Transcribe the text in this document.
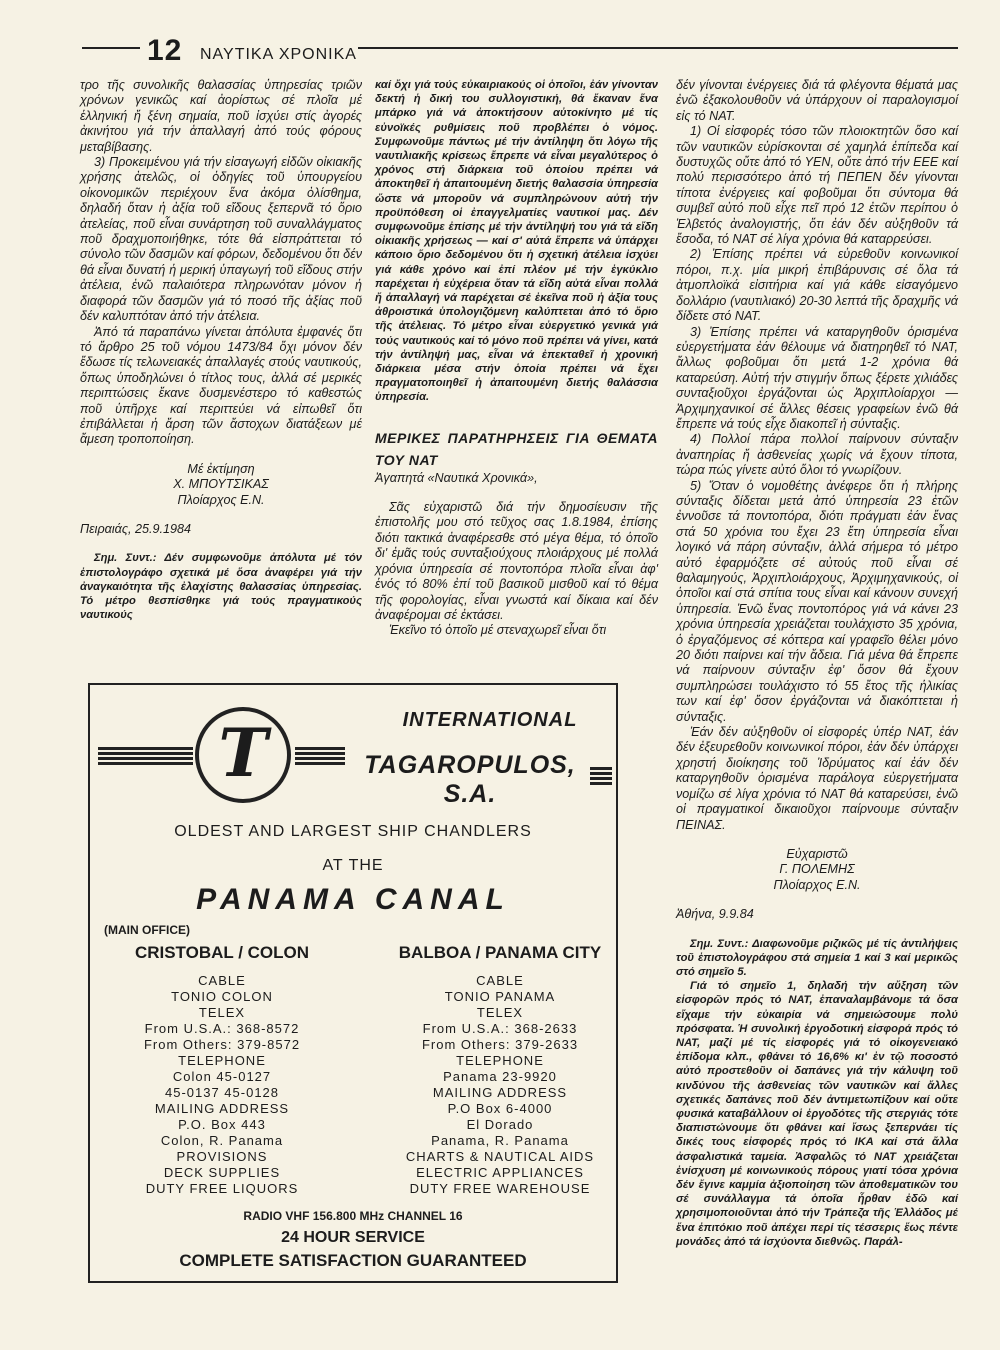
12 ΝΑΥΤΙΚΑ ΧΡΟΝΙΚΑ

τρο τῆς συνολικῆς θαλασσίας ὑπηρεσίας τριῶν χρόνων γενικῶς καί ἀορίστως σέ πλοῖα μέ ἑλληνική ἤ ξένη σημαία, ποῦ ἰσχύει στίς ἀγορές ἀκινήτου γιά τήν ἀπαλλαγή ἀπό τούς φόρους μεταβίβασης.

3) Προκειμένου γιά τήν εἰσαγωγή εἰδῶν οἰκιακῆς χρήσης ἀτελῶς, οἱ ὁδηγίες τοῦ ὑπουργείου οἰκονομικῶν περιέχουν ἕνα ἀκόμα ὀλίσθημα, δηλαδή ὅταν ἡ ἀξία τοῦ εἴδους ξεπερνᾶ τό ὅριο ἀτελείας, ποῦ εἶναι συνάρτηση τοῦ συναλλάγματος ποῦ δραχμοποιήθηκε, τότε θά εἰσπράττεται τό σύνολο τῶν δασμῶν καί φόρων, δεδομένου ὅτι δέν θά εἶναι δυνατή ἡ μερική ὑπαγωγή τοῦ εἴδους στήν ἀτέλεια, ἐνῶ παλαιότερα πληρωνόταν μόνον ἡ διαφορά τῶν δασμῶν γιά τό ποσό τῆς ἀξίας ποῦ δέν καλυπτόταν ἀπό τήν ἀτέλεια.

Ἀπό τά παραπάνω γίνεται ἀπόλυτα ἐμφανές ὅτι τό ἄρθρο 25 τοῦ νόμου 1473/84 ὄχι μόνον δέν ἔδωσε τίς τελωνειακές ἀπαλλαγές στούς ναυτικούς, ὅπως ὑποδηλώνει ὁ τίτλος τους, ἀλλά σέ μερικές περιπτώσεις ἔκανε δυσμενέστερο τό καθεστώς ποῦ ὑπῆρχε καί περιττεύει νά εἰπωθεῖ ὅτι ἐπιβάλλεται ἡ ἄρση τῶν ἄστοχων διατάξεων μέ ἄμεση τροποποίηση.

Μέ ἐκτίμηση

Χ. ΜΠΟΥΤΣΙΚΑΣ

Πλοίαρχος Ε.Ν.

Πειραιάς, 25.9.1984

Σημ. Συντ.: Δέν συμφωνοῦμε ἀπόλυτα μέ τόν ἐπιστολογράφο σχετικά μέ ὅσα ἀναφέρει γιά τήν ἀναγκαιότητα τῆς ἐλαχίστης θαλασσίας ὑπηρεσίας. Τό μέτρο θεσπίσθηκε γιά τούς πραγματικούς ναυτικούς

καί ὄχι γιά τούς εὐκαιριακούς οἱ ὁποῖοι, ἐάν γίνονταν δεκτή ἡ δική του συλλογιστική, θά ἔκαναν ἕνα μπάρκο γιά νά ἀποκτήσουν αὐτοκίνητο μέ τίς εὐνοϊκές ρυθμίσεις ποῦ προβλέπει ὁ νόμος. Συμφωνοῦμε πάντως μέ τήν ἀντίληψη ὅτι λόγω τῆς ναυτιλιακῆς κρίσεως ἔπρεπε νά εἶναι μεγαλύτερος ὁ χρόνος στή διάρκεια τοῦ ὁποίου πρέπει νά ἀποκτηθεῖ ἡ ἀπαιτουμένη διετής θαλασσία ὑπηρεσία ὥστε νά μποροῦν νά συμπληρώνουν αὐτή τήν προϋπόθεση οἱ ἐπαγγελματίες ναυτικοί μας. Δέν συμφωνοῦμε ἐπίσης μέ τήν ἀντίληψή του γιά τά εἴδη οἰκιακῆς χρήσεως — καί σ' αὐτά ἔπρεπε νά ὑπάρχει κάποιο ὅριο δεδομένου ὅτι ἡ σχετική ἀτέλεια ἰσχύει γιά κάθε χρόνο καί ἐπί πλέον μέ τήν ἐγκύκλιο παρέχεται ἡ εὐχέρεια ὅταν τά εἴδη αὐτά εἶναι πολλά ἤ ἀπαλλαγή νά παρέχεται σέ ἐκεῖνα ποῦ ἡ ἀξία τους ἀθροιστικά ὑπολογιζόμενη καλύπτεται ἀπό τό ὅριο τῆς ἀτέλειας. Τό μέτρο εἶναι εὐεργετικό γενικά γιά τούς ναυτικούς καί τό μόνο ποῦ πρέπει νά γίνει, κατά τήν ἀντίληψή μας, εἶναι νά ἐπεκταθεῖ ἡ χρονική διάρκεια μέσα στήν ὁποία πρέπει νά ἔχει πραγματοποιηθεῖ ἡ ἀπαιτουμένη διετής θαλάσσια ὑπηρεσία.

ΜΕΡΙΚΕΣ ΠΑΡΑΤΗΡΗΣΕΙΣ ΓΙΑ ΘΕΜΑΤΑ ΤΟΥ ΝΑΤ

Ἀγαπητά «Ναυτικά Χρονικά»,

Σᾶς εὐχαριστῶ διά τήν δημοσίευσιν τῆς ἐπιστολῆς μου στό τεῦχος σας 1.8.1984, ἐπίσης διότι τακτικά ἀναφέρεσθε στό μέγα θέμα, τό ὁποῖο δι' ἐμᾶς τούς συνταξιούχους πλοιάρχους μέ πολλά χρόνια ὑπηρεσία σέ ποντοπόρα πλοῖα εἶναι ἀφ' ἑνός τό 80% ἐπί τοῦ βασικοῦ μισθοῦ καί τό θέμα τῆς φορολογίας, εἶναι γνωστά καί δίκαια καί δέν ἀναφέρομαι σέ ἐκτάσει.

Ἐκεῖνο τό ὁποῖο μέ στεναχωρεῖ εἶναι ὅτι

δέν γίνονται ἐνέργειες διά τά φλέγοντα θέματά μας ἐνῶ ἐξακολουθοῦν νά ὑπάρχουν οἱ παραλογισμοί εἰς τό ΝΑΤ.

1) Οἱ εἰσφορές τόσο τῶν πλοιοκτητῶν ὅσο καί τῶν ναυτικῶν εὑρίσκονται σέ χαμηλά ἐπίπεδα καί δυστυχῶς οὔτε ἀπό τό ΥΕΝ, οὔτε ἀπό τήν ΕΕΕ καί πολύ περισσότερο ἀπό τή ΠΕΠΕΝ δέν γίνονται τίποτα ἐνέργειες καί φοβοῦμαι ὅτι σύντομα θά συμβεῖ αὐτό ποῦ εἶχε πεῖ πρό 12 ἐτῶν περίπου ὁ Ἐλβετός ἀναλογιστής, ὅτι ἐάν δέν αὐξηθοῦν τά ἔσοδα, τό ΝΑΤ σέ λίγα χρόνια θά καταρρεύσει.

2) Ἐπίσης πρέπει νά εὑρεθοῦν κοινωνικοί πόροι, π.χ. μία μικρή ἐπιβάρυνσις σέ ὅλα τά ἀτμοπλοϊκά εἰσιτήρια καί γιά κάθε εἰσαγόμενο δολλάριο (ναυτιλιακό) 20-30 λεπτά τῆς δραχμῆς νά δίδετε στό ΝΑΤ.

3) Ἐπίσης πρέπει νά καταργηθοῦν ὁρισμένα εὐεργετήματα ἐάν θέλουμε νά διατηρηθεῖ τό ΝΑΤ, ἄλλως φοβοῦμαι ὅτι μετά 1-2 χρόνια θά καταρεύση. Αὐτή τήν στιγμήν ὅπως ξέρετε χιλιάδες συνταξιοῦχοι ἐργάζονται ὡς Ἀρχιπλοίαρχοι — Ἀρχιμηχανικοί σέ ἄλλες θέσεις γραφείων ἐνῶ θά ἔπρεπε νά τούς εἶχε διακοπεῖ ἡ σύνταξις.

4) Πολλοί πάρα πολλοί παίρνουν σύνταξιν ἀναπηρίας ἤ ἀσθενείας χωρίς νά ἔχουν τίποτα, τώρα πώς γίνετε αὐτό ὅλοι τό γνωρίζουν.

5) Ὅταν ὁ νομοθέτης ἀνέφερε ὅτι ἡ πλήρης σύνταξις δίδεται μετά ἀπό ὑπηρεσία 23 ἐτῶν ἐννοῦσε τά ποντοπόρα, διότι πράγματι ἐάν ἕνας στά 50 χρόνια του ἔχει 23 ἔτη ὑπηρεσία εἶναι λογικό νά πάρη σύνταξιν, ἀλλά σήμερα τό μέτρο αὐτό ἐφαρμόζετε σέ αὐτούς ποῦ εἶναι σέ θαλαμηγούς, Ἀρχιπλοιάρχους, Ἀρχιμηχανικούς, οἱ ὁποῖοι καί στά σπίτια τους εἶναι καί κάνουν συνεχή ὑπηρεσία. Ἐνῶ ἕνας ποντοπόρος γιά νά κάνει 23 χρόνια ὑπηρεσία χρειάζεται τουλάχιστο 35 χρόνια, ὁ ἐργαζόμενος σέ κόττερα καί γραφεῖο θέλει μόνο 20 διότι παίρνει καί τήν ἄδεια. Γιά μένα θά ἔπρεπε νά παίρνουν σύνταξιν ἐφ' ὅσον θά ἔχουν συμπληρώσει τουλάχιστο τό 55 ἔτος τῆς ἡλικίας των καί ἐφ' ὅσον ἐργάζονται νά διακόπτεται ἡ σύνταξις.

Ἐάν δέν αὐξηθοῦν οἱ εἰσφορές ὑπέρ ΝΑΤ, ἐάν δέν ἐξευρεθοῦν κοινωνικοί πόροι, ἐάν δέν ὑπάρχει χρηστή διοίκησης τοῦ Ἱδρύματος καί ἐάν δέν καταργηθοῦν ὁρισμένα παράλογα εὐεργετήματα νομίζω σέ λίγα χρόνια τό ΝΑΤ θά καταρεύσει, ἐνῶ οἱ πραγματικοί δικαιοῦχοι παίρνουμε σύνταξιν ΠΕΙΝΑΣ.

Εὐχαριστῶ

Γ. ΠΟΛΕΜΗΣ

Πλοίαρχος Ε.Ν.

Ἀθήνα, 9.9.84

Σημ. Συντ.: Διαφωνοῦμε ριζικῶς μέ τίς ἀντιλήψεις τοῦ ἐπιστολογράφου στά σημεία 1 καί 3 καί μερικῶς στό σημεῖο 5.

Γιά τό σημεῖο 1, δηλαδή τήν αὔξηση τῶν εἰσφορῶν πρός τό ΝΑΤ, ἐπαναλαμβάνομε τά ὅσα εἴχαμε τήν εὐκαιρία νά σημειώσουμε πολύ πρόσφατα. Ἡ συνολική ἐργοδοτική εἰσφορά πρός τό ΝΑΤ, μαζί μέ τίς εἰσφορές γιά τό οἰκογενειακό ἐπίδομα κλπ., φθάνει τό 16,6% κι' ἐν τῷ ποσοστό αὐτό προστεθοῦν οἱ δαπάνες γιά τήν κάλυψη τοῦ κινδύνου τῆς ἀσθενείας τῶν ναυτικῶν καί ἄλλες σχετικές δαπάνες ποῦ δέν ἀντιμετωπίζουν καί οὔτε φυσικά καταβάλλουν οἱ ἐργοδότες τῆς στεργιάς τότε διαπιστώνουμε ὅτι φθάνει καί ἴσως ξεπερνάει τίς δικές τους εἰσφορές πρός τό ΙΚΑ καί στά ἄλλα ἀσφαλιστικά ταμεία. Ἀσφαλῶς τό ΝΑΤ χρειάζεται ἐνίσχυση μέ κοινωνικούς πόρους γιατί τόσα χρόνια δέν ἔγινε καμμία ἀξιοποίηση τῶν ἀποθεματικῶν του σέ συνάλλαγμα τά ὁποῖα ἦρθαν ἐδῶ καί χρησιμοποιοῦνται ἀπό τήν Τράπεζα τῆς Ἑλλάδος μέ ἕνα ἐπιτόκιο ποῦ ἀπέχει περί τίς τέσσερις ἕως πέντε μονάδες ἀπό τά ἰσχύοντα διεθνῶς. Παράλ-

T	INTERNATIONAL
TAGAROPULOS, S.A.
OLDEST AND LARGEST SHIP CHANDLERS
AT THE
PANAMA CANAL
(MAIN OFFICE)
CRISTOBAL / COLON	BALBOA / PANAMA CITY
CABLE
TONIO COLON
TELEX
From U.S.A.: 368-8572
From Others: 379-8572
TELEPHONE
Colon 45-0127
45-0137 45-0128
MAILING ADDRESS
P.O. Box 443
Colon, R. Panama
PROVISIONS
DECK SUPPLIES
DUTY FREE LIQUORS
CABLE
TONIO PANAMA
TELEX
From U.S.A.: 368-2633
From Others: 379-2633
TELEPHONE
Panama 23-9920
MAILING ADDRESS
P.O Box 6-4000
El Dorado
Panama, R. Panama
CHARTS & NAUTICAL AIDS
ELECTRIC APPLIANCES
DUTY FREE WAREHOUSE
RADIO VHF 156.800 MHz CHANNEL 16
24 HOUR SERVICE
COMPLETE SATISFACTION GUARANTEED
